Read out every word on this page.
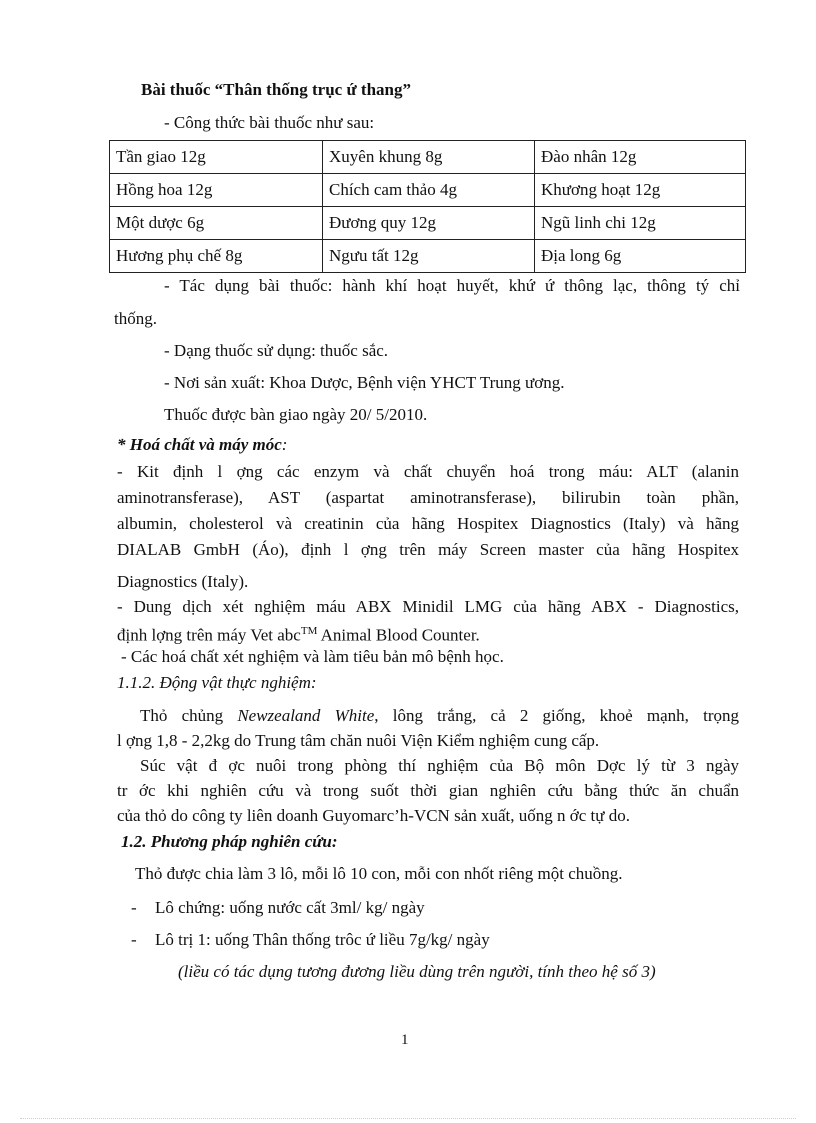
Bài thuốc “Thân thống trục ứ thang”
- Công thức bài thuốc như sau:
Tần giao 12g	Xuyên khung 8g	Đào nhân 12g
Hồng hoa 12g	Chích cam thảo 4g	Khương hoạt 12g
Một dược 6g	Đương quy 12g	Ngũ linh chi 12g
Hương phụ chế 8g	Ngưu tất 12g	Địa long 6g
- Tác dụng bài thuốc: hành khí hoạt huyết, khứ ứ thông lạc, thông tý chỉ
thống.
- Dạng thuốc sử dụng: thuốc sắc.
- Nơi sản xuất: Khoa Dược, Bệnh viện YHCT Trung ương.
Thuốc được bàn giao ngày 20/ 5/2010.
* Hoá chất và máy móc:
- Kit định l ợng các enzym và chất chuyển hoá trong máu: ALT (alanin
aminotransferase), AST (aspartat aminotransferase), bilirubin toàn phần,
albumin, cholesterol và creatinin của hãng Hospitex Diagnostics (Italy) và hãng
DIALAB GmbH (Áo), định l ợng trên máy Screen master của hãng Hospitex
Diagnostics (Italy).
- Dung dịch xét nghiệm máu ABX Minidil LMG của hãng ABX - Diagnostics,
định lợng trên máy Vet abc™ Animal Blood Counter.
- Các hoá chất xét nghiệm và làm tiêu bản mô bệnh học.
1.1.2. Động vật thực nghiệm:
Thỏ chủng Newzealand White, lông trắng, cả 2 giống, khoẻ mạnh, trọng
l ợng 1,8 - 2,2kg do Trung tâm chăn nuôi Viện Kiểm nghiệm cung cấp.
Súc vật đ ợc nuôi trong phòng thí nghiệm của Bộ môn Dợc lý từ 3 ngày
tr ớc khi nghiên cứu và trong suốt thời gian nghiên cứu bằng thức ăn chuẩn
của thỏ do công ty liên doanh Guyomarc’h-VCN sản xuất, uống n ớc tự do.
1.2. Phương pháp nghiên cứu:
Thỏ được chia làm 3 lô, mỗi lô 10 con, mỗi con nhốt riêng một chuồng.
- Lô chứng: uống nước cất 3ml/ kg/ ngày
- Lô trị 1: uống Thân thống trôc ứ liều 7g/kg/ ngày
(liều có tác dụng tương đương liều dùng trên người, tính theo hệ số 3)
1
